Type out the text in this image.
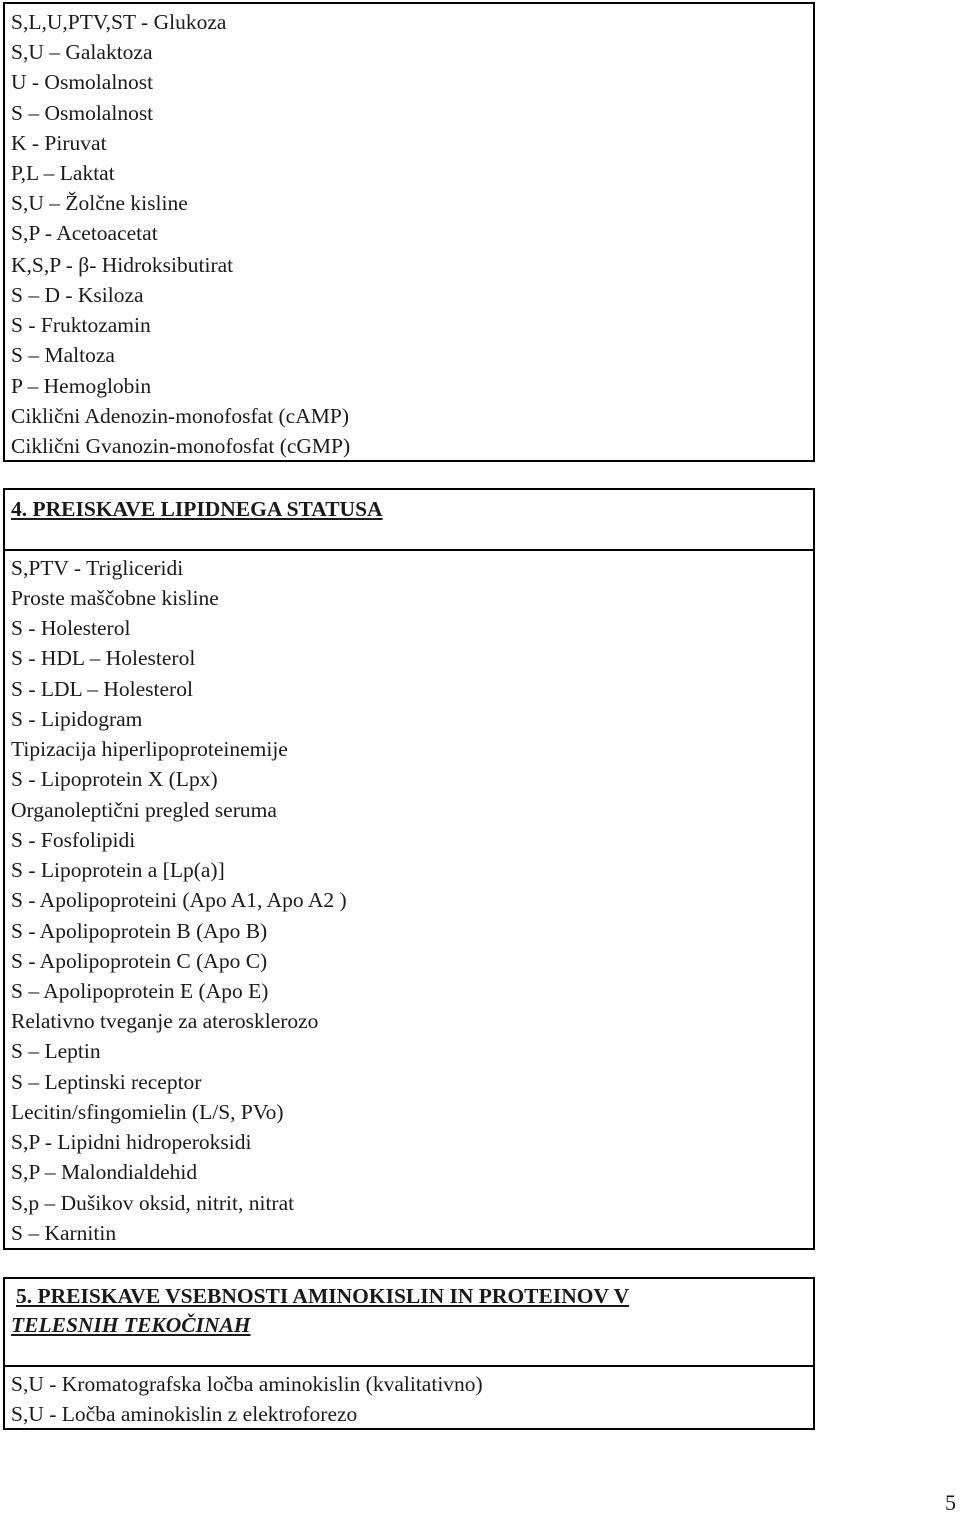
S,L,U,PTV,ST - Glukoza
S,U – Galaktoza
U - Osmolalnost
S – Osmolalnost
K - Piruvat
P,L – Laktat
S,U – Žolčne kisline
S,P - Acetoacetat
K,S,P - β- Hidroksibutirat
S – D - Ksiloza
S - Fruktozamin
S – Maltoza
P – Hemoglobin
Ciklični Adenozin-monofosfat (cAMP)
Ciklični Gvanozin-monofosfat (cGMP)
4. PREISKAVE LIPIDNEGA STATUSA
S,PTV - Trigliceridi
Proste maščobne kisline
S - Holesterol
S - HDL – Holesterol
S - LDL – Holesterol
S - Lipidogram
Tipizacija hiperlipoproteinemije
S - Lipoprotein X (Lpx)
Organoleptični pregled seruma
S - Fosfolipidi
S - Lipoprotein a [Lp(a)]
S - Apolipoproteini (Apo A1, Apo A2 )
S - Apolipoprotein B (Apo B)
S - Apolipoprotein C (Apo C)
S – Apolipoprotein E (Apo E)
Relativno tveganje za aterosklerozo
S – Leptin
S – Leptinski receptor
Lecitin/sfingomielin (L/S, PVo)
S,P - Lipidni hidroperoksidi
S,P – Malondialdehid
S,p – Dušikov oksid, nitrit, nitrat
S – Karnitin
5. PREISKAVE VSEBNOSTI AMINOKISLIN IN PROTEINOV V
TELESNIH TEKOČINAH
S,U - Kromatografska ločba aminokislin (kvalitativno)
S,U - Ločba aminokislin z elektroforezo
5
